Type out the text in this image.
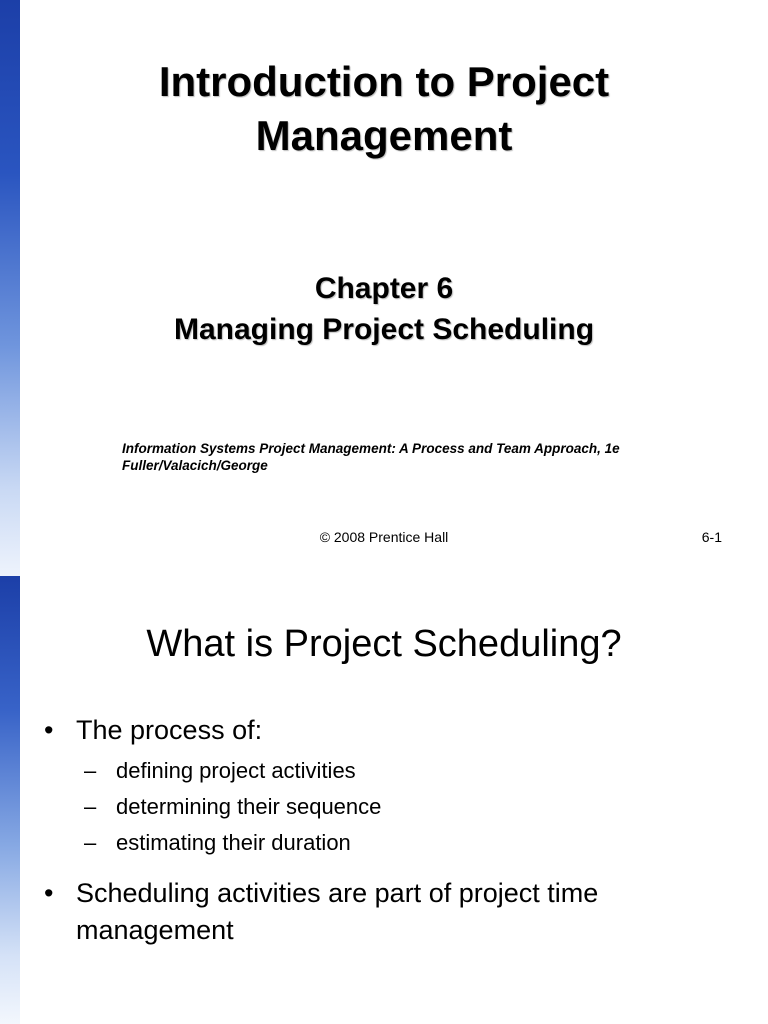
Introduction to Project
Management
Chapter 6
Managing Project Scheduling
Information Systems Project Management: A Process and Team Approach, 1e
Fuller/Valacich/George
© 2008 Prentice Hall	6-1
What is Project Scheduling?
• The process of:
– defining project activities
– determining their sequence
– estimating their duration
• Scheduling activities are part of project time management
